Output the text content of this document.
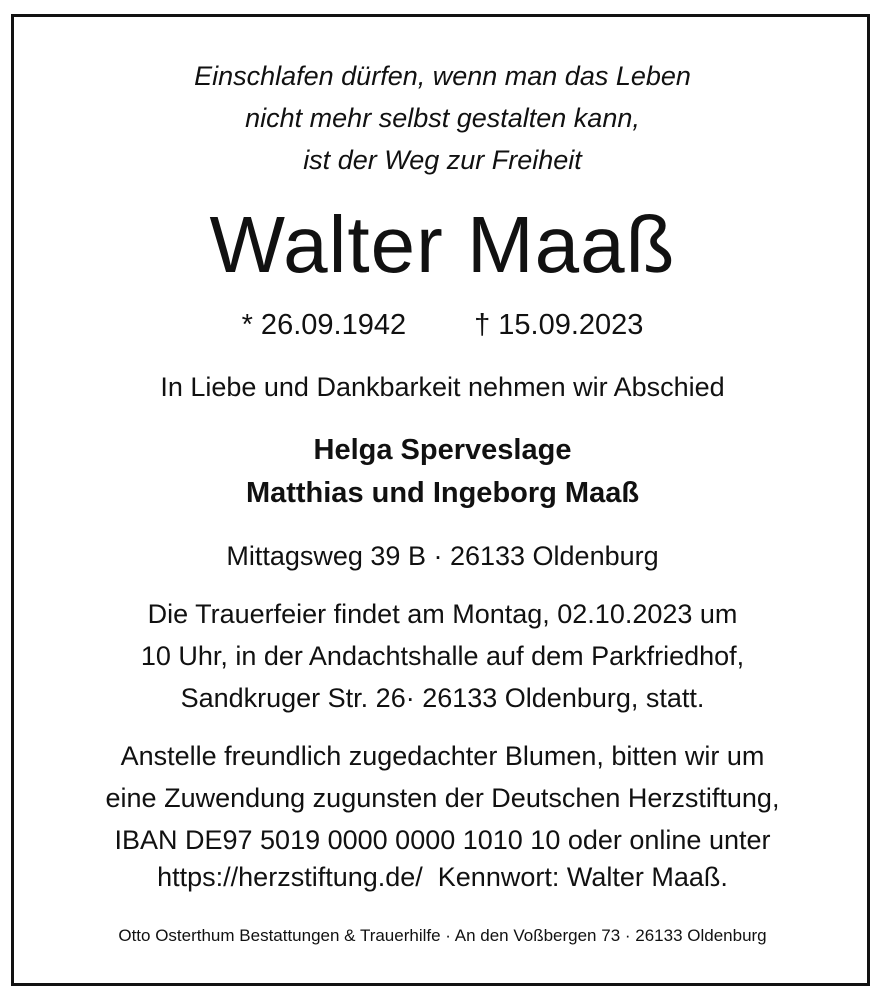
Einschlafen dürfen, wenn man das Leben
nicht mehr selbst gestalten kann,
ist der Weg zur Freiheit
Walter Maaß
* 26.09.1942 † 15.09.2023
In Liebe und Dankbarkeit nehmen wir Abschied
Helga Sperveslage
Matthias und Ingeborg Maaß
Mittagsweg 39 B · 26133 Oldenburg
Die Trauerfeier findet am Montag, 02.10.2023 um
10 Uhr, in der Andachtshalle auf dem Parkfriedhof,
Sandkruger Str. 26· 26133 Oldenburg, statt.
Anstelle freundlich zugedachter Blumen, bitten wir um
eine Zuwendung zugunsten der Deutschen Herzstiftung,
IBAN DE97 5019 0000 0000 1010 10 oder online unter
https://herzstiftung.de/  Kennwort: Walter Maaß.
Otto Osterthum Bestattungen & Trauerhilfe · An den Voßbergen 73 · 26133 Oldenburg
